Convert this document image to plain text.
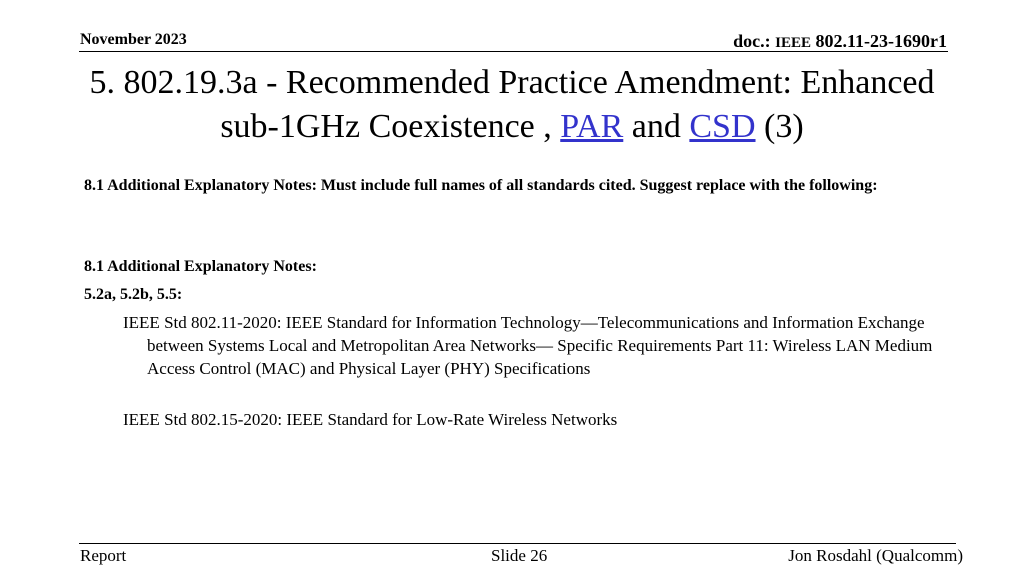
November 2023	doc.: IEEE 802.11-23-1690r1
5. 802.19.3a - Recommended Practice Amendment: Enhanced
sub-1GHz Coexistence , PAR and CSD (3)
8.1 Additional Explanatory Notes: Must include full names of all standards cited. Suggest replace with the following:
8.1 Additional Explanatory Notes:
5.2a, 5.2b, 5.5:
IEEE Std 802.11-2020: IEEE Standard for Information Technology—Telecommunications and Information Exchange between Systems Local and Metropolitan Area Networks— Specific Requirements Part 11: Wireless LAN Medium Access Control (MAC) and Physical Layer (PHY) Specifications
IEEE Std 802.15-2020: IEEE Standard for Low-Rate Wireless Networks
Report	Slide 26	Jon Rosdahl (Qualcomm)
